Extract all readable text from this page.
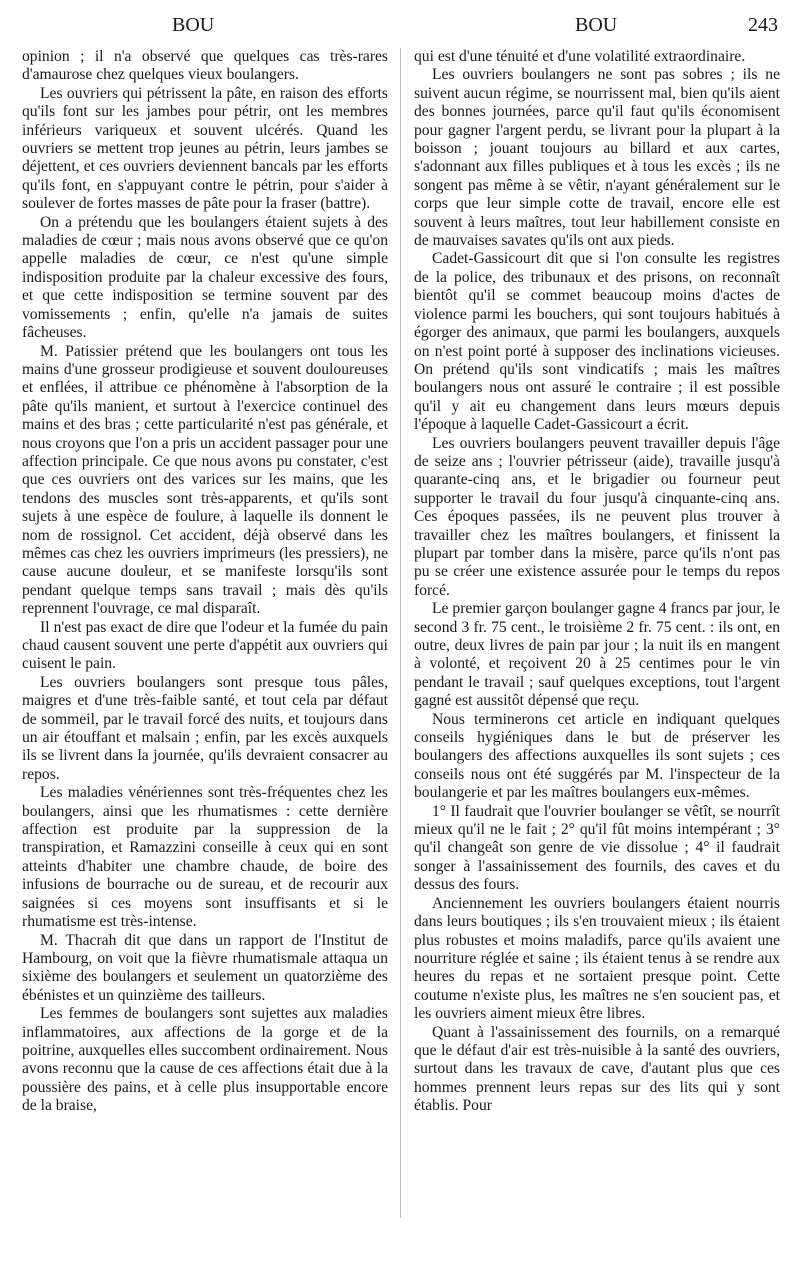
BOU	BOU	243

opinion ; il n'a observé que quelques cas très-rares d'amaurose chez quelques vieux boulangers.

Les ouvriers qui pétrissent la pâte, en raison des efforts qu'ils font sur les jambes pour pétrir, ont les membres inférieurs variqueux et souvent ulcérés. Quand les ouvriers se mettent trop jeunes au pétrin, leurs jambes se déjettent, et ces ouvriers deviennent bancals par les efforts qu'ils font, en s'appuyant contre le pétrin, pour s'aider à soulever de fortes masses de pâte pour la fraser (battre).

On a prétendu que les boulangers étaient sujets à des maladies de cœur ; mais nous avons observé que ce qu'on appelle maladies de cœur, ce n'est qu'une simple indisposition produite par la chaleur excessive des fours, et que cette indisposition se termine souvent par des vomissements ; enfin, qu'elle n'a jamais de suites fâcheuses.

M. Patissier prétend que les boulangers ont tous les mains d'une grosseur prodigieuse et souvent douloureuses et enflées, il attribue ce phénomène à l'absorption de la pâte qu'ils manient, et surtout à l'exercice continuel des mains et des bras ; cette particularité n'est pas générale, et nous croyons que l'on a pris un accident passager pour une affection principale. Ce que nous avons pu constater, c'est que ces ouvriers ont des varices sur les mains, que les tendons des muscles sont très-apparents, et qu'ils sont sujets à une espèce de foulure, à laquelle ils donnent le nom de rossignol. Cet accident, déjà observé dans les mêmes cas chez les ouvriers imprimeurs (les pressiers), ne cause aucune douleur, et se manifeste lorsqu'ils sont pendant quelque temps sans travail ; mais dès qu'ils reprennent l'ouvrage, ce mal disparaît.

Il n'est pas exact de dire que l'odeur et la fumée du pain chaud causent souvent une perte d'appétit aux ouvriers qui cuisent le pain.

Les ouvriers boulangers sont presque tous pâles, maigres et d'une très-faible santé, et tout cela par défaut de sommeil, par le travail forcé des nuits, et toujours dans un air étouffant et malsain ; enfin, par les excès auxquels ils se livrent dans la journée, qu'ils devraient consacrer au repos.

Les maladies vénériennes sont très-fréquentes chez les boulangers, ainsi que les rhumatismes : cette dernière affection est produite par la suppression de la transpiration, et Ramazzini conseille à ceux qui en sont atteints d'habiter une chambre chaude, de boire des infusions de bourrache ou de sureau, et de recourir aux saignées si ces moyens sont insuffisants et si le rhumatisme est très-intense.

M. Thacrah dit que dans un rapport de l'Institut de Hambourg, on voit que la fièvre rhumatismale attaqua un sixième des boulangers et seulement un quatorzième des ébénistes et un quinzième des tailleurs.

Les femmes de boulangers sont sujettes aux maladies inflammatoires, aux affections de la gorge et de la poitrine, auxquelles elles succombent ordinairement. Nous avons reconnu que la cause de ces affections était due à la poussière des pains, et à celle plus insupportable encore de la braise,

qui est d'une ténuité et d'une volatilité extraordinaire.

Les ouvriers boulangers ne sont pas sobres ; ils ne suivent aucun régime, se nourrissent mal, bien qu'ils aient des bonnes journées, parce qu'il faut qu'ils économisent pour gagner l'argent perdu, se livrant pour la plupart à la boisson ; jouant toujours au billard et aux cartes, s'adonnant aux filles publiques et à tous les excès ; ils ne songent pas même à se vêtir, n'ayant généralement sur le corps que leur simple cotte de travail, encore elle est souvent à leurs maîtres, tout leur habillement consiste en de mauvaises savates qu'ils ont aux pieds.

Cadet-Gassicourt dit que si l'on consulte les registres de la police, des tribunaux et des prisons, on reconnaît bientôt qu'il se commet beaucoup moins d'actes de violence parmi les bouchers, qui sont toujours habitués à égorger des animaux, que parmi les boulangers, auxquels on n'est point porté à supposer des inclinations vicieuses. On prétend qu'ils sont vindicatifs ; mais les maîtres boulangers nous ont assuré le contraire ; il est possible qu'il y ait eu changement dans leurs mœurs depuis l'époque à laquelle Cadet-Gassicourt a écrit.

Les ouvriers boulangers peuvent travailler depuis l'âge de seize ans ; l'ouvrier pétrisseur (aide), travaille jusqu'à quarante-cinq ans, et le brigadier ou fourneur peut supporter le travail du four jusqu'à cinquante-cinq ans. Ces époques passées, ils ne peuvent plus trouver à travailler chez les maîtres boulangers, et finissent la plupart par tomber dans la misère, parce qu'ils n'ont pas pu se créer une existence assurée pour le temps du repos forcé.

Le premier garçon boulanger gagne 4 francs par jour, le second 3 fr. 75 cent., le troisième 2 fr. 75 cent. : ils ont, en outre, deux livres de pain par jour ; la nuit ils en mangent à volonté, et reçoivent 20 à 25 centimes pour le vin pendant le travail ; sauf quelques exceptions, tout l'argent gagné est aussitôt dépensé que reçu.

Nous terminerons cet article en indiquant quelques conseils hygiéniques dans le but de préserver les boulangers des affections auxquelles ils sont sujets ; ces conseils nous ont été suggérés par M. l'inspecteur de la boulangerie et par les maîtres boulangers eux-mêmes.

1° Il faudrait que l'ouvrier boulanger se vêtît, se nourrît mieux qu'il ne le fait ; 2° qu'il fût moins intempérant ; 3° qu'il changeât son genre de vie dissolue ; 4° il faudrait songer à l'assainissement des fournils, des caves et du dessus des fours.

Anciennement les ouvriers boulangers étaient nourris dans leurs boutiques ; ils s'en trouvaient mieux ; ils étaient plus robustes et moins maladifs, parce qu'ils avaient une nourriture réglée et saine ; ils étaient tenus à se rendre aux heures du repas et ne sortaient presque point. Cette coutume n'existe plus, les maîtres ne s'en soucient pas, et les ouvriers aiment mieux être libres.

Quant à l'assainissement des fournils, on a remarqué que le défaut d'air est très-nuisible à la santé des ouvriers, surtout dans les travaux de cave, d'autant plus que ces hommes prennent leurs repas sur des lits qui y sont établis. Pour
